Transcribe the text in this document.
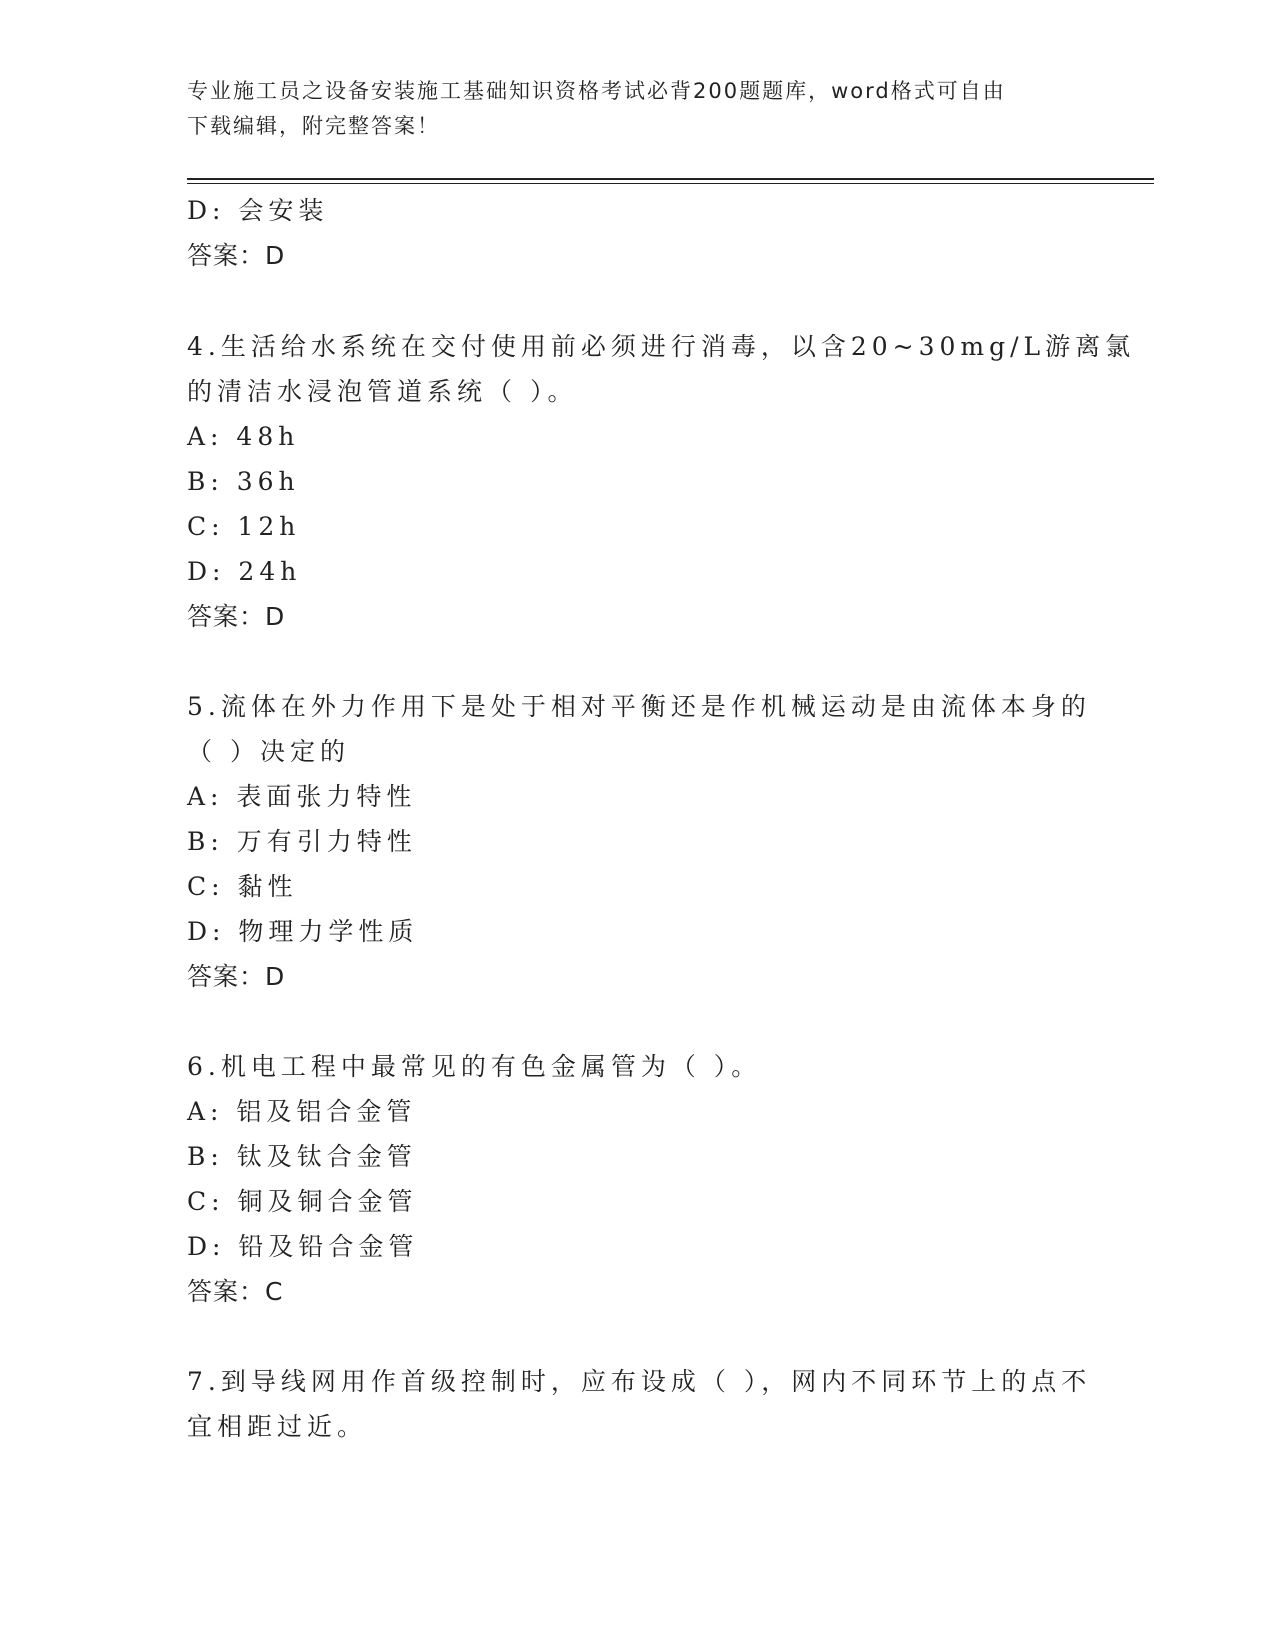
专业施工员之设备安装施工基础知识资格考试必背200题题库，word格式可自由
下载编辑，附完整答案！
D: 会安装
答案：D
4.生活给水系统在交付使用前必须进行消毒，以含20~30mg/L游离氯
的清洁水浸泡管道系统（ ）。
A: 48h
B: 36h
C: 12h
D: 24h
答案：D
5.流体在外力作用下是处于相对平衡还是作机械运动是由流体本身的
（ ）决定的
A: 表面张力特性
B: 万有引力特性
C: 黏性
D: 物理力学性质
答案：D
6.机电工程中最常见的有色金属管为（ ）。
A: 铝及铝合金管
B: 钛及钛合金管
C: 铜及铜合金管
D: 铅及铅合金管
答案：C
7.到导线网用作首级控制时，应布设成（ ），网内不同环节上的点不
宜相距过近。
